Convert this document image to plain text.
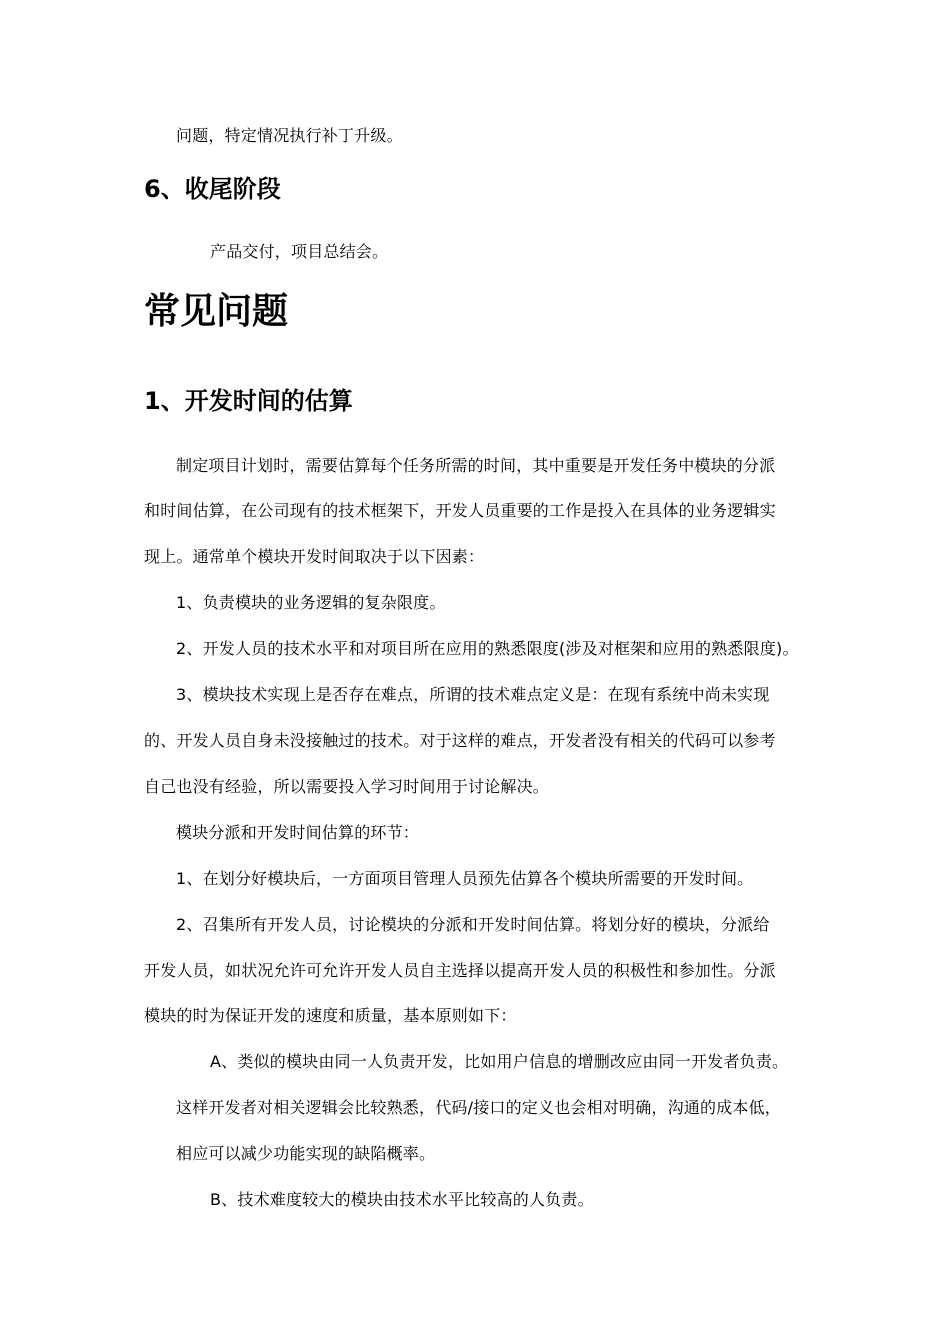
问题，特定情况执行补丁升级。
6、收尾阶段
产品交付，项目总结会。
常见问题
1、开发时间的估算
制定项目计划时，需要估算每个任务所需的时间，其中重要是开发任务中模块的分派
和时间估算，在公司现有的技术框架下，开发人员重要的工作是投入在具体的业务逻辑实
现上。通常单个模块开发时间取决于以下因素：
1、负责模块的业务逻辑的复杂限度。
2、开发人员的技术水平和对项目所在应用的熟悉限度(涉及对框架和应用的熟悉限度)。
3、模块技术实现上是否存在难点，所谓的技术难点定义是：在现有系统中尚未实现
的、开发人员自身未没接触过的技术。对于这样的难点，开发者没有相关的代码可以参考
自己也没有经验，所以需要投入学习时间用于讨论解决。
模块分派和开发时间估算的环节：
1、在划分好模块后，一方面项目管理人员预先估算各个模块所需要的开发时间。
2、召集所有开发人员，讨论模块的分派和开发时间估算。将划分好的模块，分派给
开发人员，如状况允许可允许开发人员自主选择以提高开发人员的积极性和参加性。分派
模块的时为保证开发的速度和质量，基本原则如下：
A、类似的模块由同一人负责开发，比如用户信息的增删改应由同一开发者负责。
这样开发者对相关逻辑会比较熟悉，代码/接口的定义也会相对明确，沟通的成本低，
相应可以减少功能实现的缺陷概率。
B、技术难度较大的模块由技术水平比较高的人负责。
